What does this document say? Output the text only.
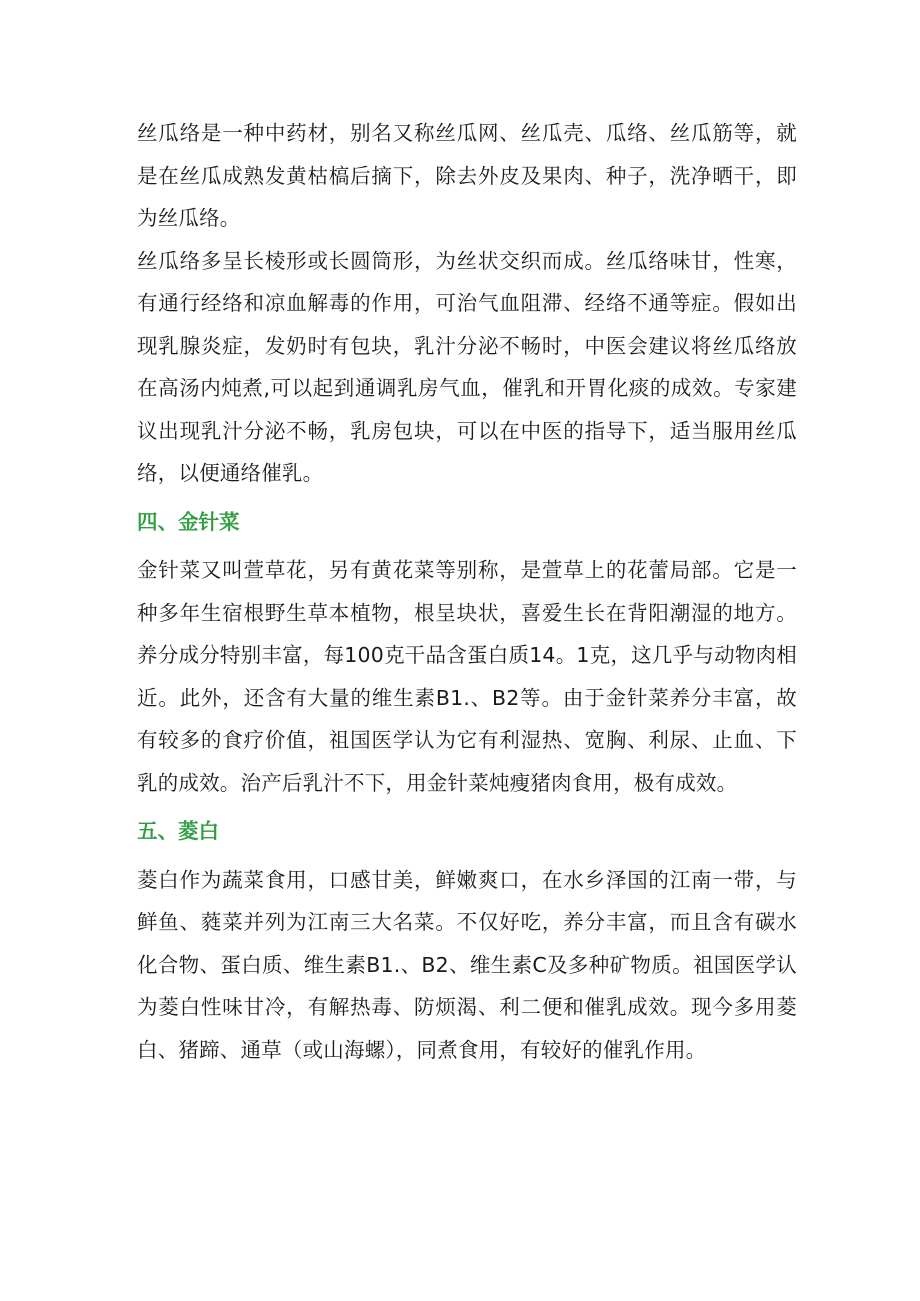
丝瓜络是一种中药材，别名又称丝瓜网、丝瓜壳、瓜络、丝瓜筋等，就是在丝瓜成熟发黄枯槁后摘下，除去外皮及果肉、种子，洗净晒干，即为丝瓜络。

丝瓜络多呈长棱形或长圆筒形，为丝状交织而成。丝瓜络味甘，性寒，有通行经络和凉血解毒的作用，可治气血阻滞、经络不通等症。假如出现乳腺炎症，发奶时有包块，乳汁分泌不畅时，中医会建议将丝瓜络放在高汤内炖煮,可以起到通调乳房气血，催乳和开胃化痰的成效。专家建议出现乳汁分泌不畅，乳房包块，可以在中医的指导下，适当服用丝瓜络，以便通络催乳。

四、金针菜

金针菜又叫萱草花，另有黄花菜等别称，是萱草上的花蕾局部。它是一种多年生宿根野生草本植物，根呈块状，喜爱生长在背阳潮湿的地方。养分成分特别丰富，每100克干品含蛋白质14。1克，这几乎与动物肉相近。此外，还含有大量的维生素B1.、B2等。由于金针菜养分丰富，故有较多的食疗价值，祖国医学认为它有利湿热、宽胸、利尿、止血、下乳的成效。治产后乳汁不下，用金针菜炖瘦猪肉食用，极有成效。

五、菱白

菱白作为蔬菜食用，口感甘美，鲜嫩爽口，在水乡泽国的江南一带，与鲜鱼、蕤菜并列为江南三大名菜。不仅好吃，养分丰富，而且含有碳水化合物、蛋白质、维生素B1.、B2、维生素C及多种矿物质。祖国医学认为菱白性味甘冷，有解热毒、防烦渴、利二便和催乳成效。现今多用菱白、猪蹄、通草（或山海螺），同煮食用，有较好的催乳作用。
